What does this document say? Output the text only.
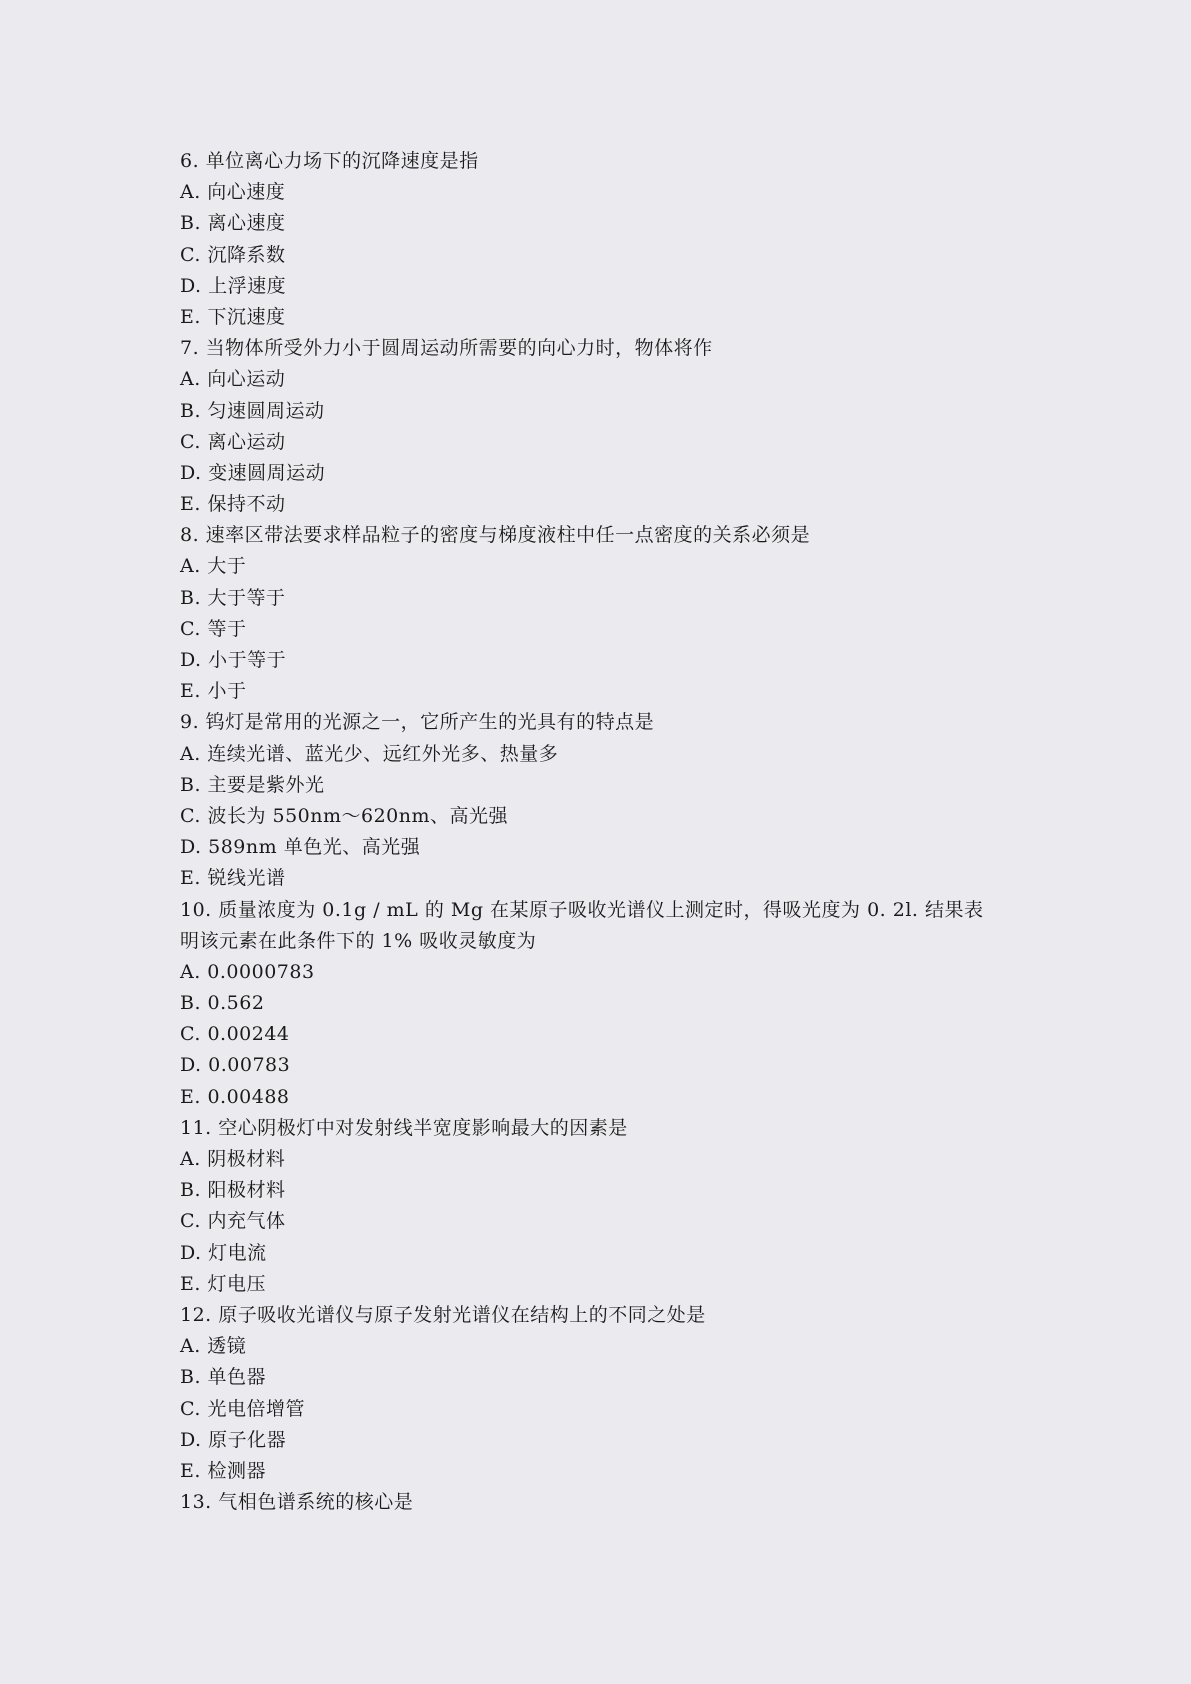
6. 单位离心力场下的沉降速度是指
A. 向心速度
B. 离心速度
C. 沉降系数
D. 上浮速度
E. 下沉速度
7. 当物体所受外力小于圆周运动所需要的向心力时，物体将作
A. 向心运动
B. 匀速圆周运动
C. 离心运动
D. 变速圆周运动
E. 保持不动
8. 速率区带法要求样品粒子的密度与梯度液柱中任一点密度的关系必须是
A. 大于
B. 大于等于
C. 等于
D. 小于等于
E. 小于
9. 钨灯是常用的光源之一，它所产生的光具有的特点是
A. 连续光谱、蓝光少、远红外光多、热量多
B. 主要是紫外光
C. 波长为 550nm～620nm、高光强
D. 589nm 单色光、高光强
E. 锐线光谱
10. 质量浓度为 0.1g / mL 的 Mg 在某原子吸收光谱仪上测定时，得吸光度为 0. 2l. 结果表
明该元素在此条件下的 1% 吸收灵敏度为
A. 0.0000783
B. 0.562
C. 0.00244
D. 0.00783
E. 0.00488
11. 空心阴极灯中对发射线半宽度影响最大的因素是
A. 阴极材料
B. 阳极材料
C. 内充气体
D. 灯电流
E. 灯电压
12. 原子吸收光谱仪与原子发射光谱仪在结构上的不同之处是
A. 透镜
B. 单色器
C. 光电倍增管
D. 原子化器
E. 检测器
13. 气相色谱系统的核心是
